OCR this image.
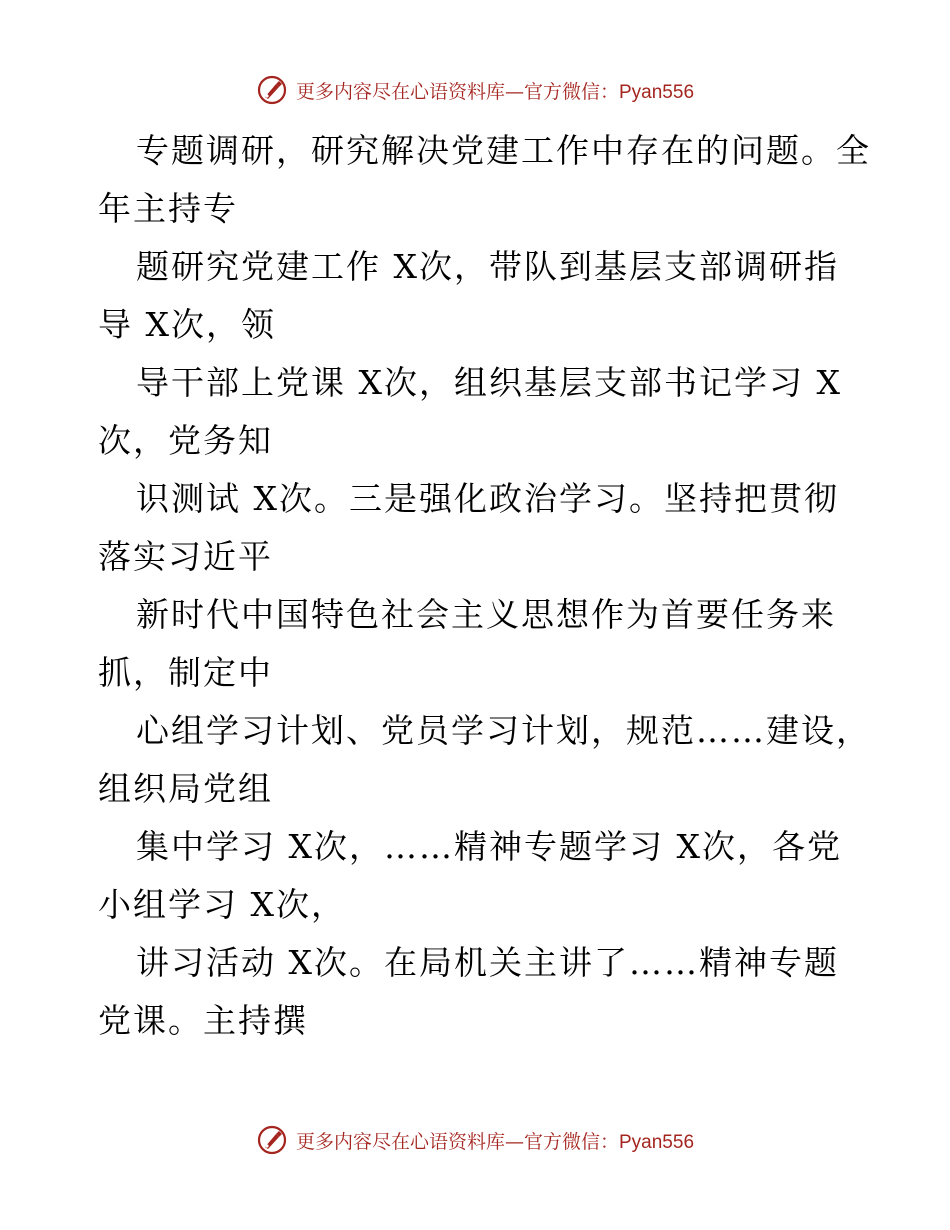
更多内容尽在心语资料库—官方微信：Pyan556

专题调研，研究解决党建工作中存在的问题。全
年主持专

题研究党建工作 X次，带队到基层支部调研指
导 X次，领

导干部上党课 X次，组织基层支部书记学习 X
次，党务知

识测试 X次。三是强化政治学习。坚持把贯彻
落实习近平

新时代中国特色社会主义思想作为首要任务来
抓，制定中

心组学习计划、党员学习计划，规范……建设，
组织局党组

集中学习 X次，……精神专题学习 X次，各党
小组学习 X次，

讲习活动 X次。在局机关主讲了……精神专题
党课。主持撰

更多内容尽在心语资料库—官方微信：Pyan556
